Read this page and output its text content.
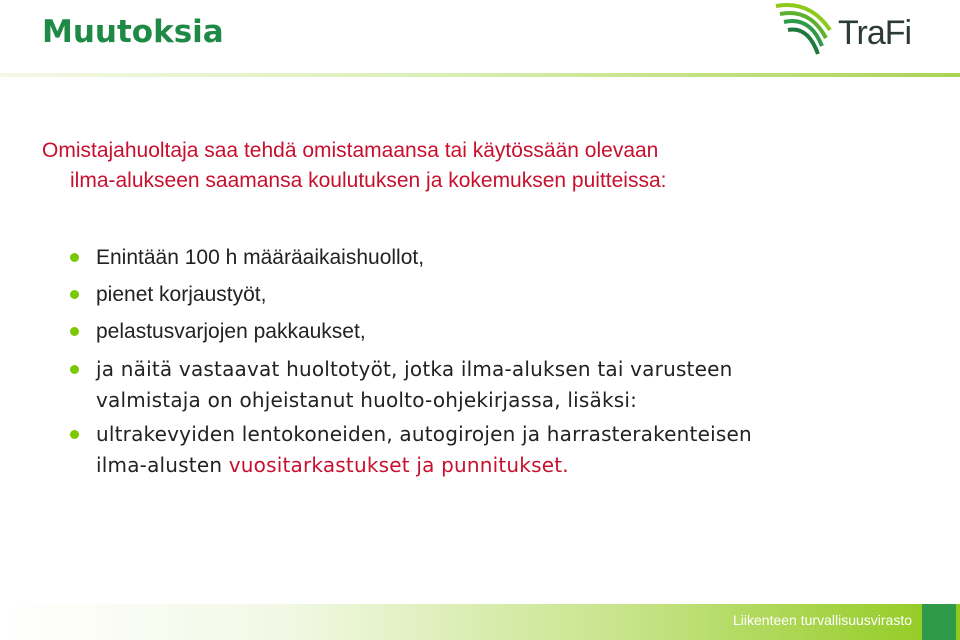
Muutoksia	TraFi
Omistajahuoltaja saa tehdä omistamaansa tai käytössään olevaan
ilma-alukseen saamansa koulutuksen ja kokemuksen puitteissa:
Enintään 100 h määräaikaishuollot,
pienet korjaustyöt,
pelastusvarjojen pakkaukset,
ja näitä vastaavat huoltotyöt, jotka ilma-aluksen tai varusteen
valmistaja on ohjeistanut huolto-ohjekirjassa, lisäksi:
ultrakevyiden lentokoneiden, autogirojen ja harrasterakenteisen
ilma-alusten vuositarkastukset ja punnitukset.
Liikenteen turvallisuusvirasto
